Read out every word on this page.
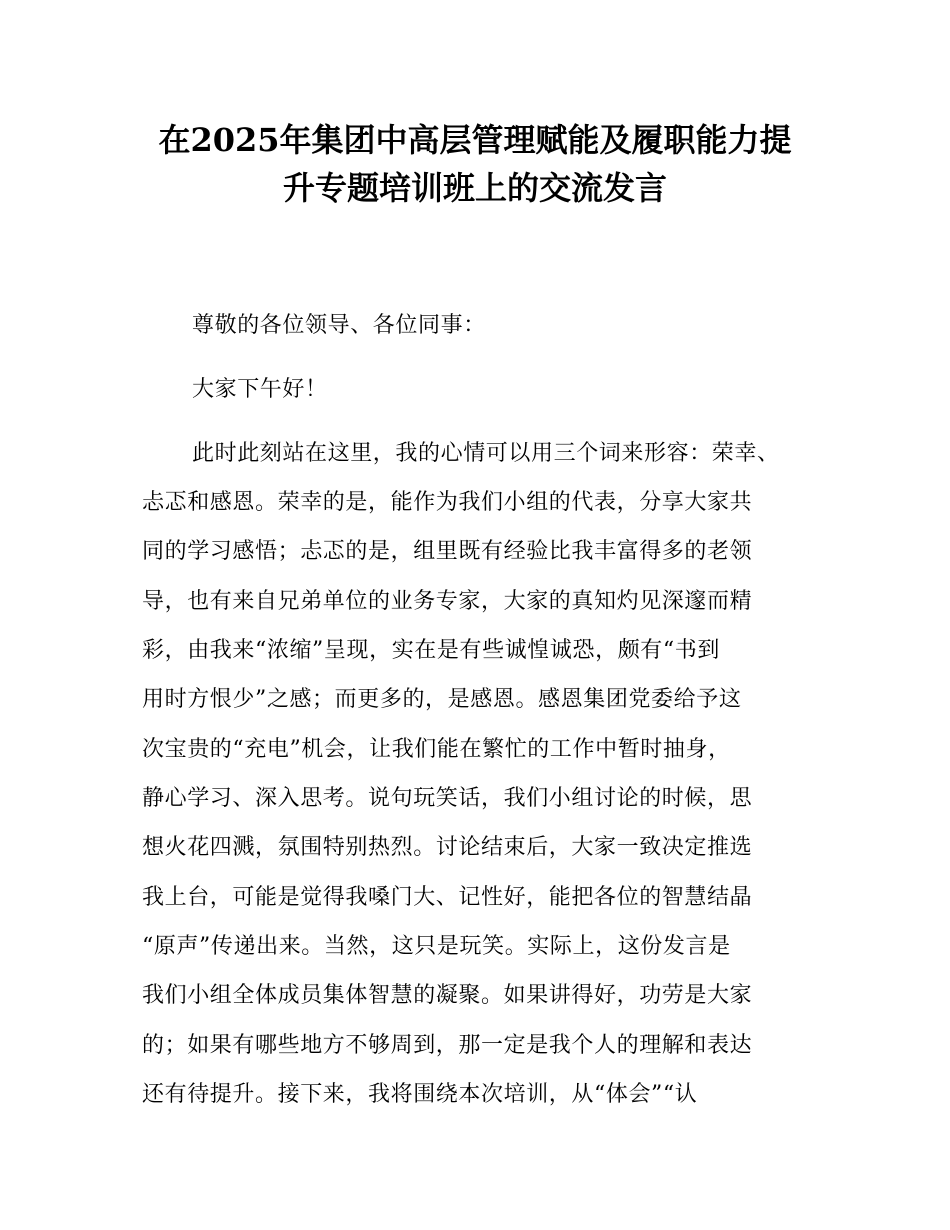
在2025年集团中高层管理赋能及履职能力提
升专题培训班上的交流发言

尊敬的各位领导、各位同事：

大家下午好！

此时此刻站在这里，我的心情可以用三个词来形容：荣幸、

忐忑和感恩。荣幸的是，能作为我们小组的代表，分享大家共

同的学习感悟；忐忑的是，组里既有经验比我丰富得多的老领

导，也有来自兄弟单位的业务专家，大家的真知灼见深邃而精

彩，由我来“浓缩”呈现，实在是有些诚惶诚恐，颇有“书到

用时方恨少”之感；而更多的，是感恩。感恩集团党委给予这

次宝贵的“充电”机会，让我们能在繁忙的工作中暂时抽身，

静心学习、深入思考。说句玩笑话，我们小组讨论的时候，思

想火花四溅，氛围特别热烈。讨论结束后，大家一致决定推选

我上台，可能是觉得我嗓门大、记性好，能把各位的智慧结晶

“原声”传递出来。当然，这只是玩笑。实际上，这份发言是

我们小组全体成员集体智慧的凝聚。如果讲得好，功劳是大家

的；如果有哪些地方不够周到，那一定是我个人的理解和表达

还有待提升。接下来，我将围绕本次培训，从“体会”“认
